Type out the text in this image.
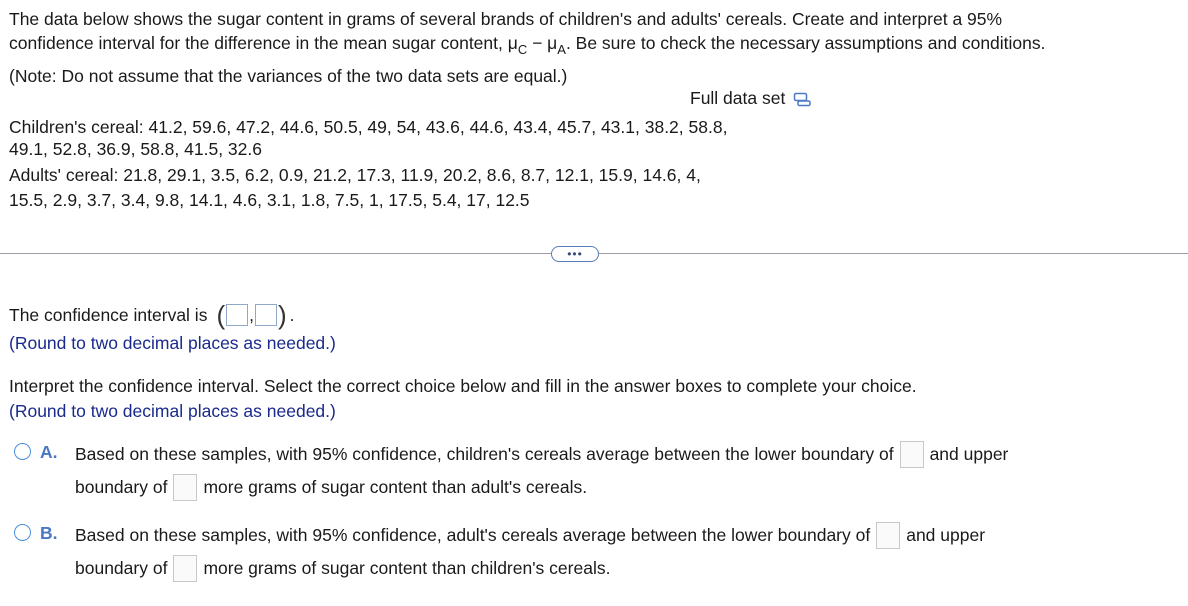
The data below shows the sugar content in grams of several brands of children's and adults' cereals. Create and interpret a 95%
confidence interval for the difference in the mean sugar content, $\mu_C - \mu_A$. Be sure to check the necessary assumptions and conditions.
(Note: Do not assume that the variances of the two data sets are equal.)
Full data set
Children's cereal: 41.2, 59.6, 47.2, 44.6, 50.5, 49, 54, 43.6, 44.6, 43.4, 45.7, 43.1, 38.2, 58.8,
49.1, 52.8, 36.9, 58.8, 41.5, 32.6
Adults' cereal: 21.8, 29.1, 3.5, 6.2, 0.9, 21.2, 17.3, 11.9, 20.2, 8.6, 8.7, 12.1, 15.9, 14.6, 4,
15.5, 2.9, 3.7, 3.4, 9.8, 14.1, 4.6, 3.1, 1.8, 7.5, 1, 17.5, 5.4, 17, 12.5
•••
The confidence interval is ( , ) .
(Round to two decimal places as needed.)
Interpret the confidence interval. Select the correct choice below and fill in the answer boxes to complete your choice.
(Round to two decimal places as needed.)
A. Based on these samples, with 95% confidence, children's cereals average between the lower boundary of and upper
boundary of more grams of sugar content than adult's cereals.
B. Based on these samples, with 95% confidence, adult's cereals average between the lower boundary of and upper
boundary of more grams of sugar content than children's cereals.
